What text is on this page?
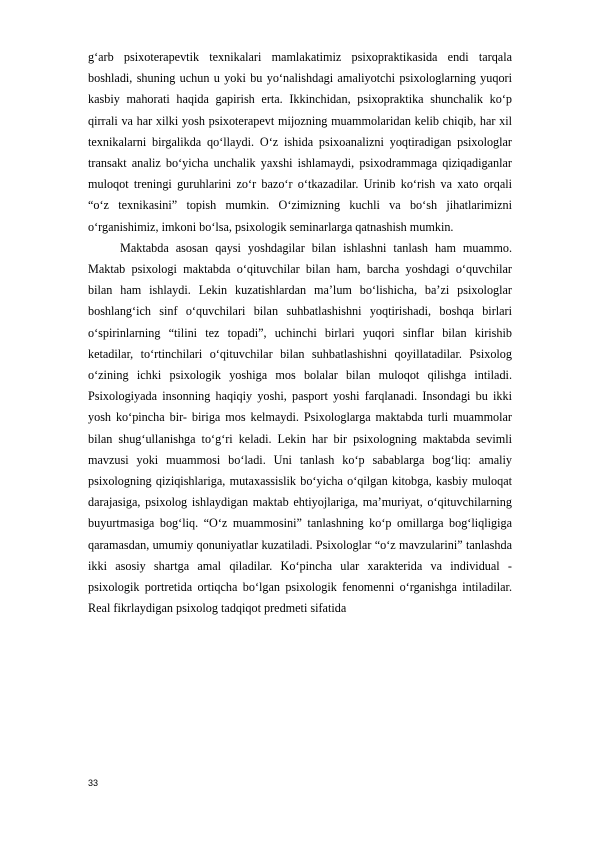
g‘arb psixoterapevtik texnikalari mamlakatimiz psixopraktikasida endi tarqala boshladi, shuning uchun u yoki bu yo‘nalishdagi amaliyotchi psixologlarning yuqori kasbiy mahorati haqida gapirish erta. Ikkinchidan, psixopraktika shunchalik ko‘p qirrali va har xilki yosh psixoterapevt mijozning muammolaridan kelib chiqib, har xil texnikalarni birgalikda qo‘llaydi. O‘z ishida psixoanalizni yoqtiradigan psixologlar transakt analiz bo‘yicha unchalik yaxshi ishlamaydi, psixodrammaga qiziqadiganlar muloqot treningi guruhlarini zo‘r bazo‘r o‘tkazadilar. Urinib ko‘rish va xato orqali “o‘z texnikasini” topish mumkin. O‘zimizning kuchli va bo‘sh jihatlarimizni o‘rganishimiz, imkoni bo‘lsa, psixologik seminarlarga qatnashish mumkin.

Maktabda asosan qaysi yoshdagilar bilan ishlashni tanlash ham muammo. Maktab psixologi maktabda o‘qituvchilar bilan ham, barcha yoshdagi o‘quvchilar bilan ham ishlaydi. Lekin kuzatishlardan ma’lum bo‘lishicha, ba’zi psixologlar boshlang‘ich sinf o‘quvchilari bilan suhbatlashishni yoqtirishadi, boshqa birlari o‘spirinlarning “tilini tez topadi”, uchinchi birlari yuqori sinflar bilan kirishib ketadilar, to‘rtinchilari o‘qituvchilar bilan suhbatlashishni qoyillatadilar. Psixolog o‘zining ichki psixologik yoshiga mos bolalar bilan muloqot qilishga intiladi. Psixologiyada insonning haqiqiy yoshi, pasport yoshi farqlanadi. Insondagi bu ikki yosh ko‘pincha bir- biriga mos kelmaydi. Psixologlarga maktabda turli muammolar bilan shug‘ullanishga to‘g‘ri keladi. Lekin har bir psixologning maktabda sevimli mavzusi yoki muammosi bo‘ladi. Uni tanlash ko‘p sabablarga bog‘liq: amaliy psixologning qiziqishlariga, mutaxassislik bo‘yicha o‘qilgan kitobga, kasbiy muloqat darajasiga, psixolog ishlaydigan maktab ehtiyojlariga, ma’muriyat, o‘qituvchilarning buyurtmasiga bog‘liq. “O‘z muammosini” tanlashning ko‘p omillarga bog‘liqligiga qaramasdan, umumiy qonuniyatlar kuzatiladi. Psixologlar “o‘z mavzularini” tanlashda ikki asosiy shartga amal qiladilar. Ko‘pincha ular xarakterida va individual - psixologik portretida ortiqcha bo‘lgan psixologik fenomenni o‘rganishga intiladilar. Real fikrlaydigan psixolog tadqiqot predmeti sifatida

33
